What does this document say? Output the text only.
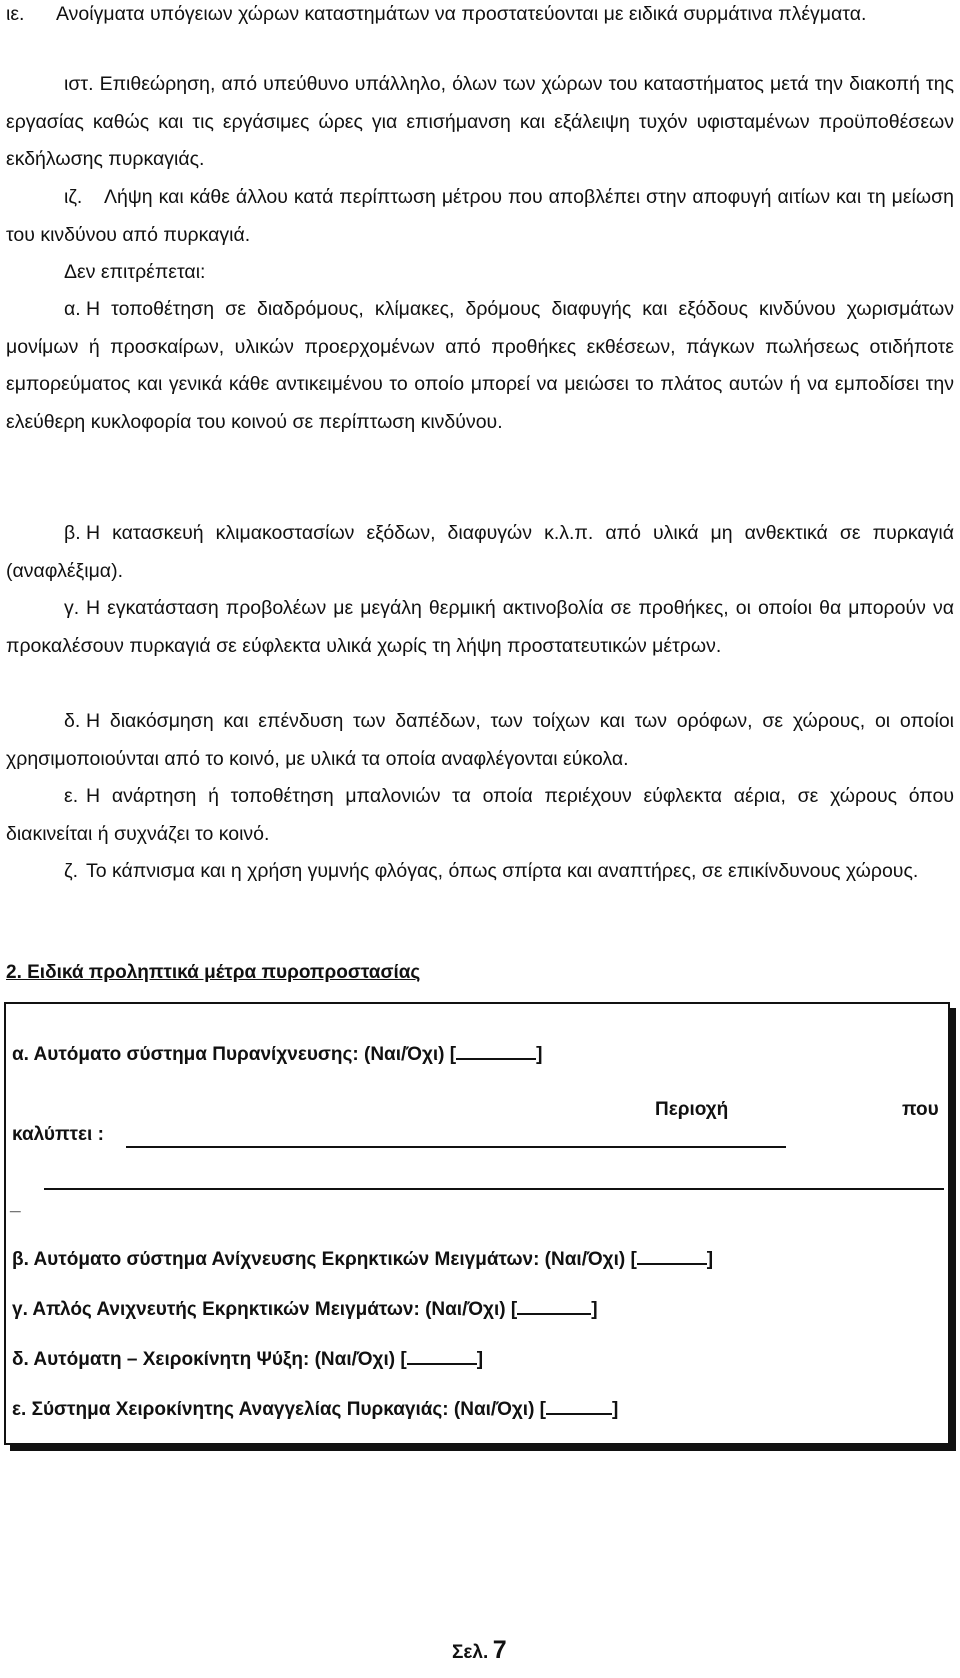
ιε. Ανοίγματα υπόγειων χώρων καταστημάτων να προστατεύονται με ειδικά συρμάτινα πλέγματα.

ιστ. Επιθεώρηση, από υπεύθυνο υπάλληλο, όλων των χώρων του καταστήματος μετά την διακοπή της εργασίας καθώς και τις εργάσιμες ώρες για επισήμανση και εξάλειψη τυχόν υφισταμένων προϋποθέσεων εκδήλωσης πυρκαγιάς.

ιζ. Λήψη και κάθε άλλου κατά περίπτωση μέτρου που αποβλέπει στην αποφυγή αιτίων και τη μείωση του κινδύνου από πυρκαγιά.

Δεν επιτρέπεται:

α. Η τοποθέτηση σε διαδρόμους, κλίμακες, δρόμους διαφυγής και εξόδους κινδύνου χωρισμάτων μονίμων ή προσκαίρων, υλικών προερχομένων από προθήκες εκθέσεων, πάγκων πωλήσεως οτιδήποτε εμπορεύματος και γενικά κάθε αντικειμένου το οποίο μπορεί να μειώσει το πλάτος αυτών ή να εμποδίσει την ελεύθερη κυκλοφορία του κοινού σε περίπτωση κινδύνου.

β. Η κατασκευή κλιμακοστασίων εξόδων, διαφυγών κ.λ.π. από υλικά μη ανθεκτικά σε πυρκαγιά (αναφλέξιμα).

γ. Η εγκατάσταση προβολέων με μεγάλη θερμική ακτινοβολία σε προθήκες, οι οποίοι θα μπορούν να προκαλέσουν πυρκαγιά σε εύφλεκτα υλικά χωρίς τη λήψη προστατευτικών μέτρων.

δ. Η διακόσμηση και επένδυση των δαπέδων, των τοίχων και των ορόφων, σε χώρους, οι οποίοι χρησιμοποιούνται από το κοινό, με υλικά τα οποία αναφλέγονται εύκολα.

ε. Η ανάρτηση ή τοποθέτηση μπαλονιών τα οποία περιέχουν εύφλεκτα αέρια, σε χώρους όπου διακινείται ή συχνάζει το κοινό.

ζ. Το κάπνισμα και η χρήση γυμνής φλόγας, όπως σπίρτα και αναπτήρες, σε επικίνδυνους χώρους.

2. Ειδικά προληπτικά μέτρα πυροπροστασίας

α. Αυτόματο σύστημα Πυρανίχνευσης: (Ναι/Όχι) [	]

Περιοχή	που

καλύπτει :

_

β. Αυτόματο σύστημα Ανίχνευσης Εκρηκτικών Μειγμάτων: (Ναι/Όχι) [	]

γ. Απλός Ανιχνευτής Εκρηκτικών Μειγμάτων: (Ναι/Όχι) [	]

δ. Αυτόματη – Χειροκίνητη Ψύξη: (Ναι/Όχι) [	]

ε. Σύστημα Χειροκίνητης Αναγγελίας Πυρκαγιάς: (Ναι/Όχι) [	]

Σελ. 7
